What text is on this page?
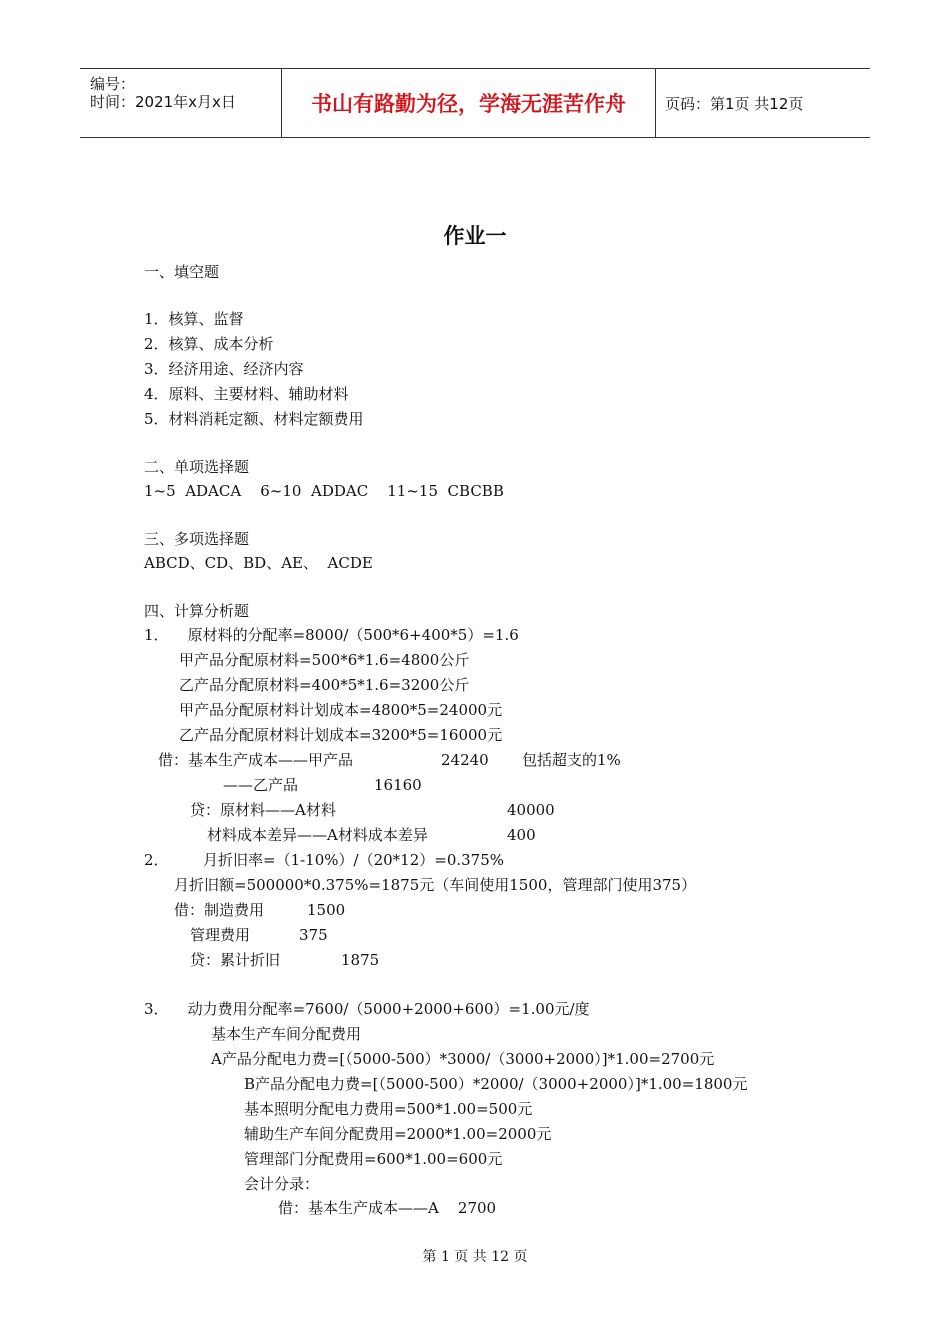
编号：
时间：2021年x月x日	书山有路勤为径，学海无涯苦作舟	页码：第1页 共12页
作业一
一、填空题
1．核算、监督
2．核算、成本分析
3．经济用途、经济内容
4．原料、主要材料、辅助材料
5．材料消耗定额、材料定额费用
二、单项选择题
1~5  ADACA    6~10  ADDAC    11~15  CBCBB
三、多项选择题
ABCD、CD、BD、AE、  ACDE
四、计算分析题
1．    原材料的分配率=8000/（500*6+400*5）=1.6
甲产品分配原材料=500*6*1.6=4800公斤
乙产品分配原材料=400*5*1.6=3200公斤
甲产品分配原材料计划成本=4800*5=24000元
乙产品分配原材料计划成本=3200*5=16000元
借：基本生产成本——甲产品	24240 包括超支的1%
——乙产品	16160
贷：原材料——A材料	40000
材料成本差异——A材料成本差异	400
2． 月折旧率=（1-10%）/（20*12）=0.375%
月折旧额=500000*0.375%=1875元（车间使用1500，管理部门使用375）
借：制造费用	1500
管理费用	375
贷：累计折旧	1875
3．    动力费用分配率=7600/（5000+2000+600）=1.00元/度
基本生产车间分配费用
A产品分配电力费=[（5000-500）*3000/（3000+2000）]*1.00=2700元
B产品分配电力费=[（5000-500）*2000/（3000+2000）]*1.00=1800元
基本照明分配电力费用=500*1.00=500元
辅助生产车间分配费用=2000*1.00=2000元
管理部门分配费用=600*1.00=600元
会计分录：
借：基本生产成本——A    2700
第 1 页 共 12 页
